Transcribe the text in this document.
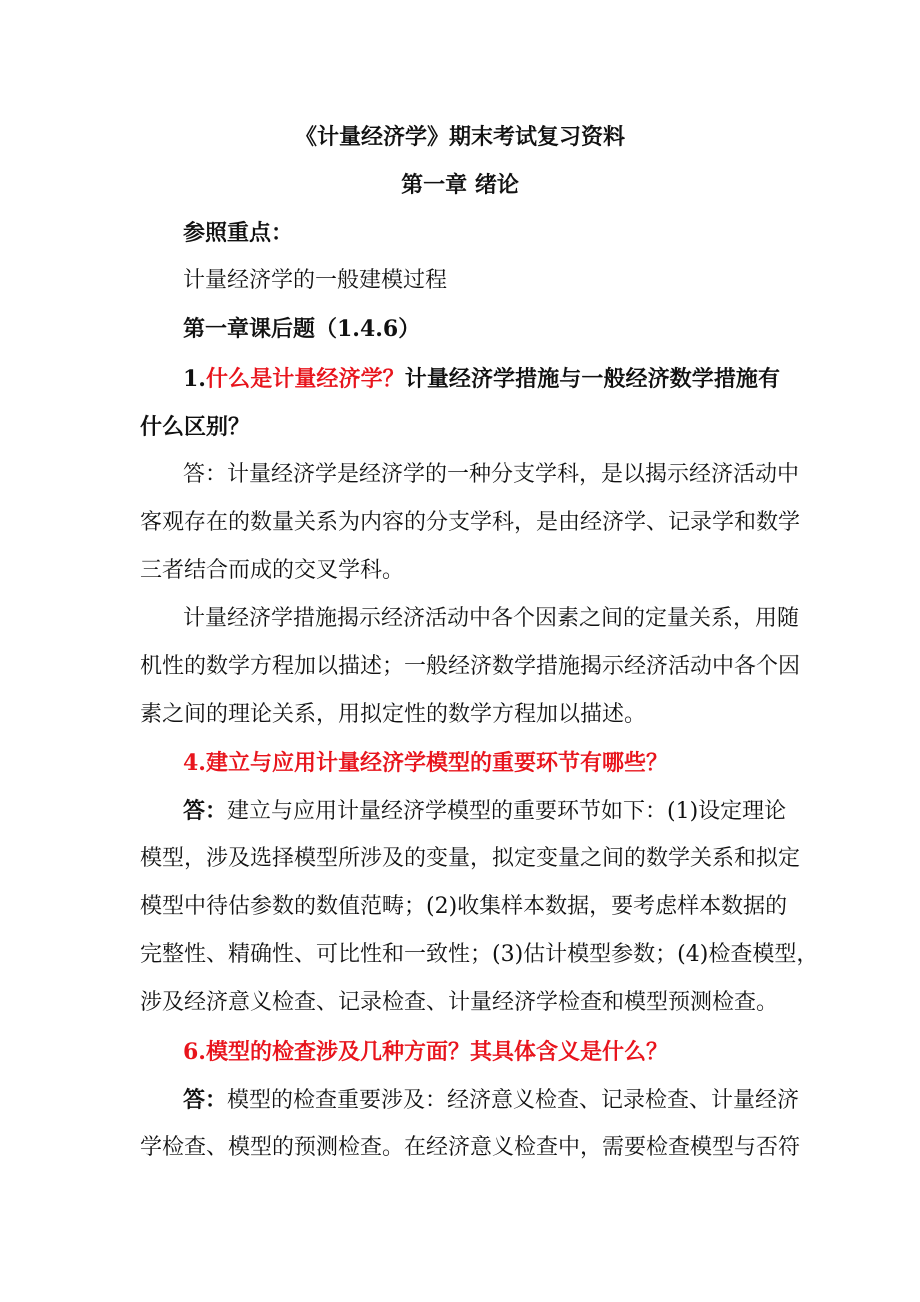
《计量经济学》期末考试复习资料
第一章 绪论
参照重点：
计量经济学的一般建模过程
第一章课后题（1.4.6）
1.什么是计量经济学？计量经济学措施与一般经济数学措施有
什么区别？
答：计量经济学是经济学的一种分支学科，是以揭示经济活动中
客观存在的数量关系为内容的分支学科，是由经济学、记录学和数学
三者结合而成的交叉学科。
计量经济学措施揭示经济活动中各个因素之间的定量关系，用随
机性的数学方程加以描述；一般经济数学措施揭示经济活动中各个因
素之间的理论关系，用拟定性的数学方程加以描述。
4.建立与应用计量经济学模型的重要环节有哪些？
答：建立与应用计量经济学模型的重要环节如下：(1)设定理论
模型，涉及选择模型所涉及的变量，拟定变量之间的数学关系和拟定
模型中待估参数的数值范畴；(2)收集样本数据，要考虑样本数据的
完整性、精确性、可比性和一致性；(3)估计模型参数；(4)检查模型，
涉及经济意义检查、记录检查、计量经济学检查和模型预测检查。
6.模型的检查涉及几种方面？其具体含义是什么？
答：模型的检查重要涉及：经济意义检查、记录检查、计量经济
学检查、模型的预测检查。在经济意义检查中，需要检查模型与否符
